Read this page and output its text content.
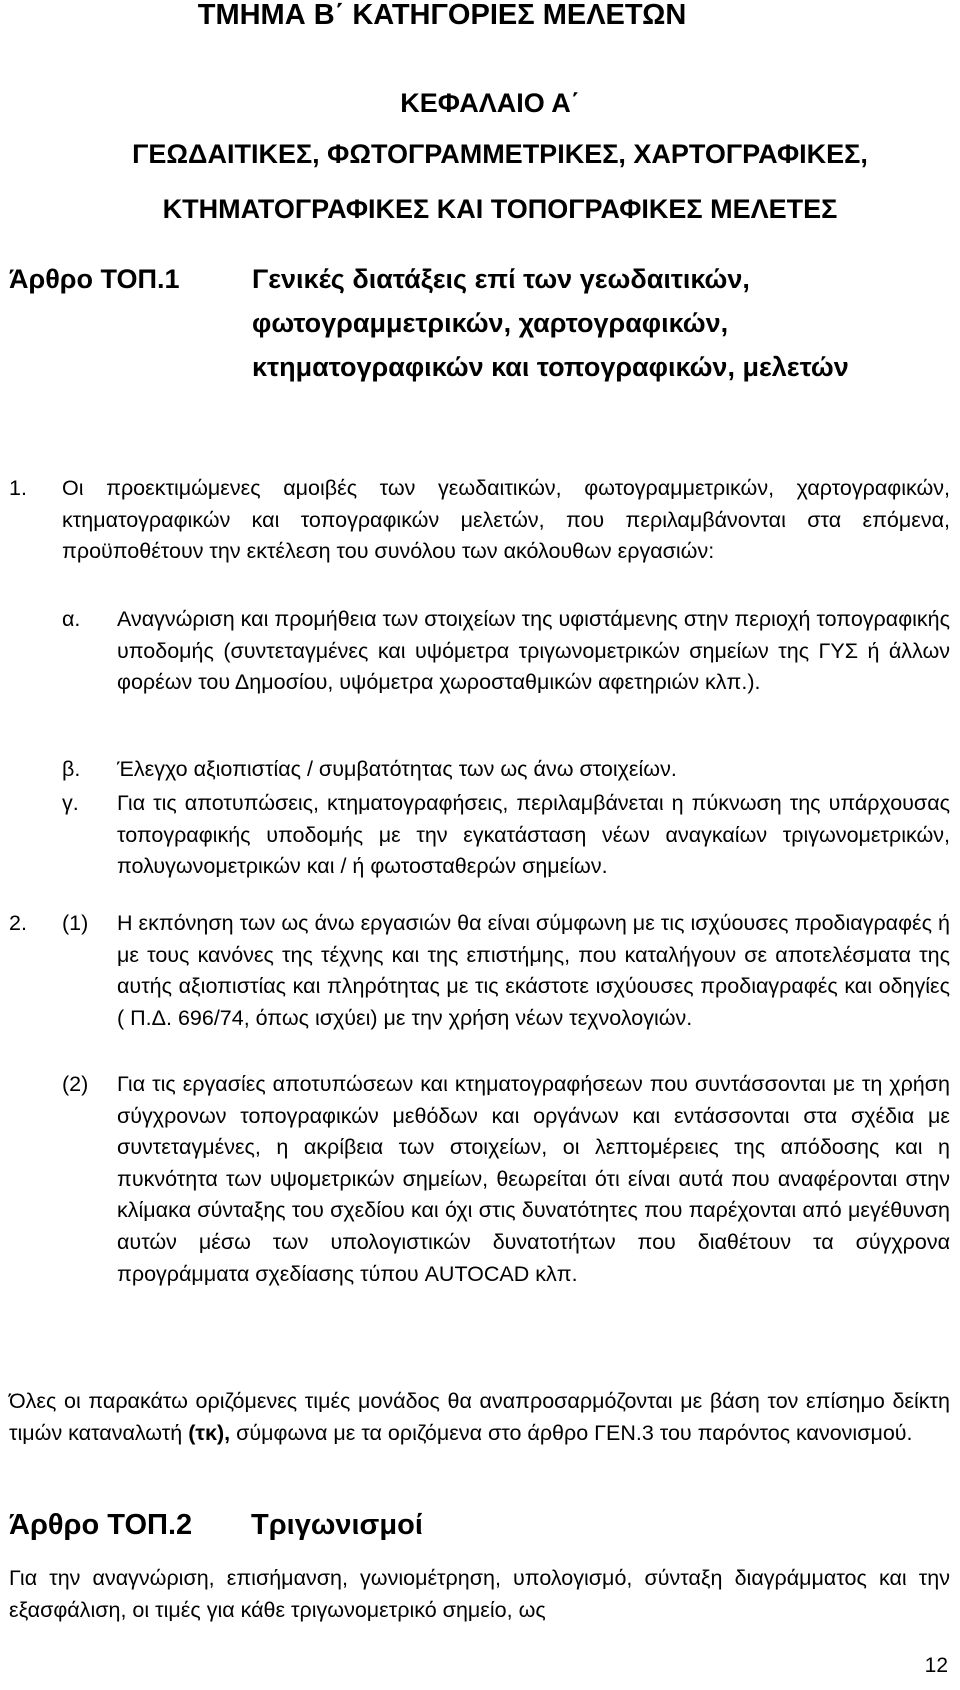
ΤΜΗΜΑ Β΄ ΚΑΤΗΓΟΡΙΕΣ ΜΕΛΕΤΩΝ
ΚΕΦΑΛΑΙΟ Α΄
ΓΕΩΔΑΙΤΙΚΕΣ, ΦΩΤΟΓΡΑΜΜΕΤΡΙΚΕΣ, ΧΑΡΤΟΓΡΑΦΙΚΕΣ,
ΚΤΗΜΑΤΟΓΡΑΦΙΚΕΣ ΚΑΙ ΤΟΠΟΓΡΑΦΙΚΕΣ ΜΕΛΕΤΕΣ
Άρθρο ΤΟΠ.1	Γενικές διατάξεις επί των γεωδαιτικών, φωτογραμμετρικών, χαρτογραφικών, κτηματογραφικών και τοπογραφικών, μελετών
1.	Οι προεκτιμώμενες αμοιβές των γεωδαιτικών, φωτογραμμετρικών, χαρτογραφικών, κτηματογραφικών και τοπογραφικών μελετών, που περιλαμβάνονται στα επόμενα, προϋποθέτουν την εκτέλεση του συνόλου των ακόλουθων εργασιών:
α. Αναγνώριση και προμήθεια των στοιχείων της υφιστάμενης στην περιοχή τοπογραφικής υποδομής (συντεταγμένες και υψόμετρα τριγωνομετρικών σημείων της ΓΥΣ ή άλλων φορέων του Δημοσίου, υψόμετρα χωροσταθμικών αφετηριών κλπ.).
β. Έλεγχο αξιοπιστίας / συμβατότητας των ως άνω στοιχείων.
γ. Για τις αποτυπώσεις, κτηματογραφήσεις, περιλαμβάνεται η πύκνωση της υπάρχουσας τοπογραφικής υποδομής με την εγκατάσταση νέων αναγκαίων τριγωνομετρικών, πολυγωνομετρικών και / ή φωτοσταθερών σημείων.
2. (1) Η εκπόνηση των ως άνω εργασιών θα είναι σύμφωνη με τις ισχύουσες προδιαγραφές ή με τους κανόνες της τέχνης και της επιστήμης, που καταλήγουν σε αποτελέσματα της αυτής αξιοπιστίας και πληρότητας με τις εκάστοτε ισχύουσες προδιαγραφές και οδηγίες ( Π.Δ. 696/74, όπως ισχύει) με την χρήση νέων τεχνολογιών.
(2) Για τις εργασίες αποτυπώσεων και κτηματογραφήσεων που συντάσσονται με τη χρήση σύγχρονων τοπογραφικών μεθόδων και οργάνων και εντάσσονται στα σχέδια με συντεταγμένες, η ακρίβεια των στοιχείων, οι λεπτομέρειες της απόδοσης και η πυκνότητα των υψομετρικών σημείων, θεωρείται ότι είναι αυτά που αναφέρονται στην κλίμακα σύνταξης του σχεδίου και όχι στις δυνατότητες που παρέχονται από μεγέθυνση αυτών μέσω των υπολογιστικών δυνατοτήτων που διαθέτουν τα σύγχρονα προγράμματα σχεδίασης τύπου AUTOCAD κλπ.
Όλες οι παρακάτω οριζόμενες τιμές μονάδος θα αναπροσαρμόζονται με βάση τον επίσημο δείκτη τιμών καταναλωτή (τκ), σύμφωνα με τα οριζόμενα στο άρθρο ΓΕΝ.3 του παρόντος κανονισμού.
Άρθρο ΤΟΠ.2 Τριγωνισμοί
Για την αναγνώριση, επισήμανση, γωνιομέτρηση, υπολογισμό, σύνταξη διαγράμματος και την εξασφάλιση, οι τιμές για κάθε τριγωνομετρικό σημείο, ως
12
